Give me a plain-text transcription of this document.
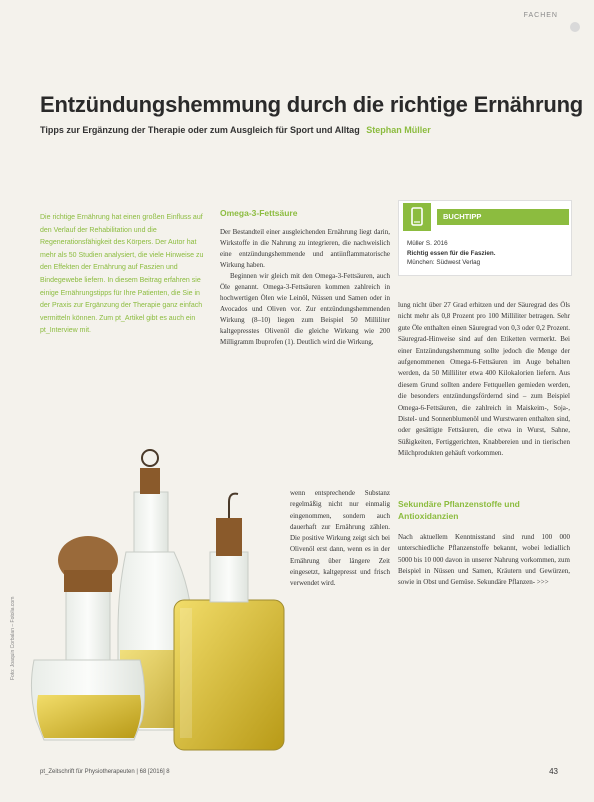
FACHEN
Entzündungshemmung durch die richtige Ernährung
Tipps zur Ergänzung der Therapie oder zum Ausgleich für Sport und Alltag Stephan Müller
Die richtige Ernährung hat einen großen Einfluss auf den Verlauf der Rehabilitation und die Regenerationsfähigkeit des Körpers. Der Autor hat mehr als 50 Studien analysiert, die viele Hinweise zu den Effekten der Ernährung auf Faszien und Bindegewebe liefern. In diesem Beitrag erfahren sie einige Ernährungstipps für Ihre Patienten, die Sie in der Praxis zur Ergänzung der Therapie ganz einfach vermitteln können. Zum pt_Artikel gibt es auch ein pt_Interview mit.
Omega-3-Fettsäure

Der Bestandteil einer ausgleichenden Ernährung liegt darin, Wirkstoffe in die Nahrung zu integrieren, die nachweislich eine entzündungshemmende und antiinflammatorische Wirkung haben.

Beginnen wir gleich mit den Omega-3-Fettsäuren, auch Öle genannt. Omega-3-Fettsäuren kommen zahlreich in hochwertigen Ölen wie Leinöl, Nüssen und Samen oder in Avocados und Oliven vor. Zur entzündungshemmenden Wirkung (8–10) liegen zum Beispiel 50 Milliliter kaltgepresstes Olivenöl die gleiche Wirkung wie 200 Milligramm Ibuprofen (1). Deutlich wird die Wirkung,

wenn entsprechende Substanz regelmäßig nicht nur einmalig eingenommen, sondern auch dauerhaft zur Ernährung zählen. Die positive Wirkung zeigt sich bei Olivenöl erst dann, wenn es in der Ernährung über längere Zeit eingesetzt, kaltgepresst und frisch verwendet wird.
BUCHTIPP
Müller S. 2016
Richtig essen für die Faszien.
München: Südwest Verlag

lung nicht über 27 Grad erhitzen und der Säuregrad des Öls nicht mehr als 0,8 Prozent pro 100 Milliliter betragen. Sehr gute Öle enthalten einen Säuregrad von 0,3 oder 0,2 Prozent. Säuregrad-Hinweise sind auf den Etiketten vermerkt. Bei einer Entzündungshemmung sollte jedoch die Menge der aufgenommenen Omega-6-Fettsäuren im Auge behalten werden, da 50 Milliliter etwa 400 Kilokalorien liefern. Aus diesem Grund sollten andere Fettquellen gemieden werden, die besonders entzündungsfördernd sind – zum Beispiel Omega-6-Fettsäuren, die zahlreich in Maiskeim-, Soja-, Distel- und Sonnenblumenöl und Wurstwaren enthalten sind, oder gesättigte Fettsäuren, die etwa in Wurst, Sahne, Süßigkeiten, Fertiggerichten, Knabbereien und in tierischen Milchprodukten gehäuft vorkommen.

Sekundäre Pflanzenstoffe und Antioxidanzien

Nach aktuellem Kenntnisstand sind rund 100 000 unterschiedliche Pflanzenstoffe bekannt, wobei lediallich 5000 bis 10 000 davon in unserer Nahrung vorkommen, zum Beispiel in Nüssen und Samen, Kräutern und Gewürzen, sowie in Obst und Gemüse. Sekundäre Pflanzen- >>>

Foto: Joaquin Corbalan – Fotolia.com
pt_Zeitschrift für Physiotherapeuten | 68 [2016] 8	43
